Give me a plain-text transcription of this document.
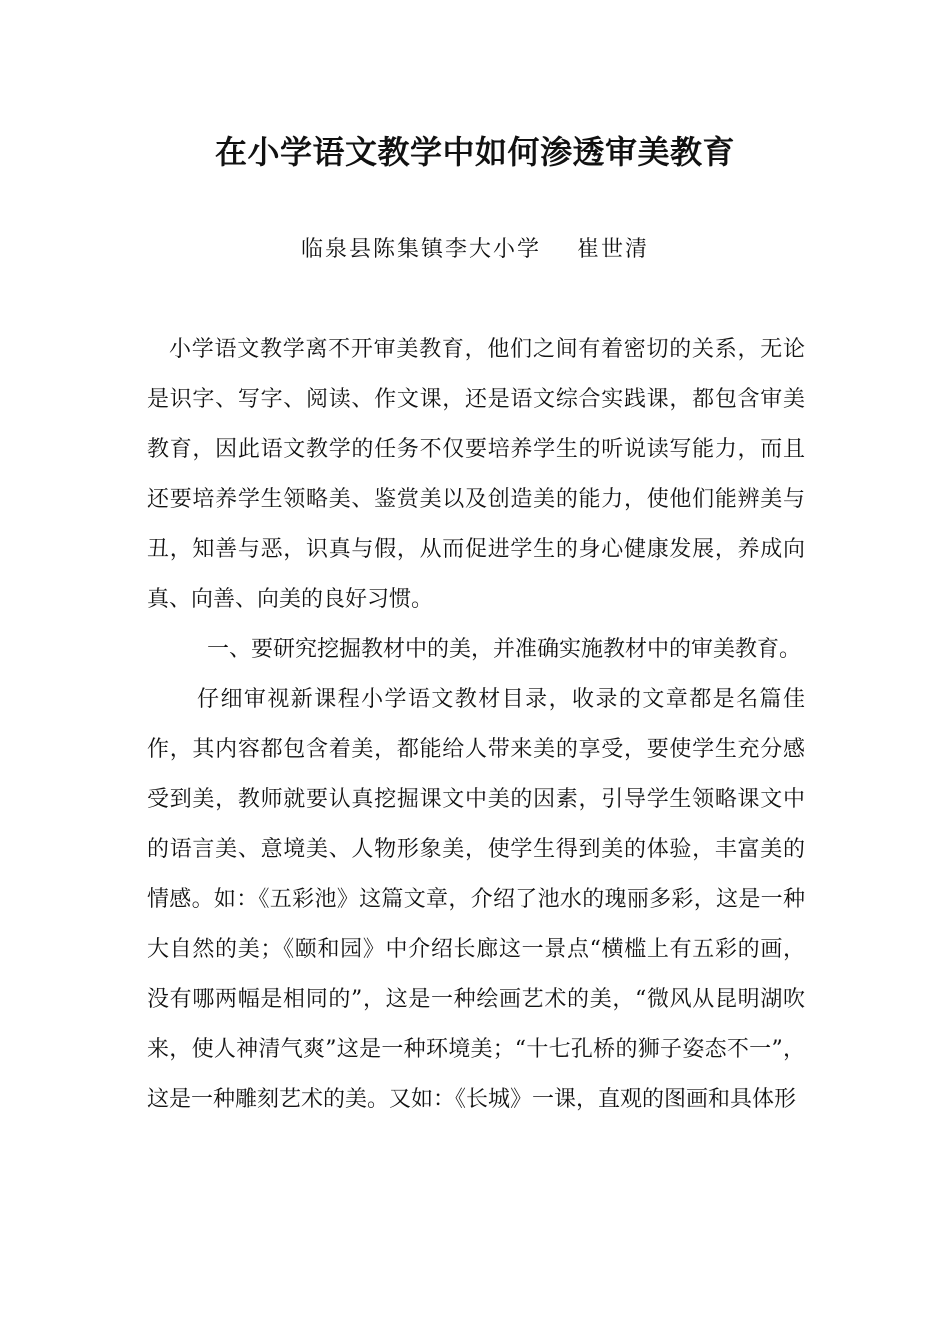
在小学语文教学中如何渗透审美教育
临泉县陈集镇李大小学    崔世清

小学语文教学离不开审美教育，他们之间有着密切的关系，无论是识字、写字、阅读、作文课，还是语文综合实践课，都包含审美教育，因此语文教学的任务不仅要培养学生的听说读写能力，而且还要培养学生领略美、鉴赏美以及创造美的能力，使他们能辨美与丑，知善与恶，识真与假，从而促进学生的身心健康发展，养成向真、向善、向美的良好习惯。

一、要研究挖掘教材中的美，并准确实施教材中的审美教育。

仔细审视新课程小学语文教材目录，收录的文章都是名篇佳作，其内容都包含着美，都能给人带来美的享受，要使学生充分感受到美，教师就要认真挖掘课文中美的因素，引导学生领略课文中的语言美、意境美、人物形象美，使学生得到美的体验，丰富美的情感。如：《五彩池》这篇文章，介绍了池水的瑰丽多彩，这是一种大自然的美；《颐和园》中介绍长廊这一景点“横槛上有五彩的画，没有哪两幅是相同的”，这是一种绘画艺术的美，“微风从昆明湖吹来，使人神清气爽”这是一种环境美；“十七孔桥的狮子姿态不一”，这是一种雕刻艺术的美。又如：《长城》一课，直观的图画和具体形
